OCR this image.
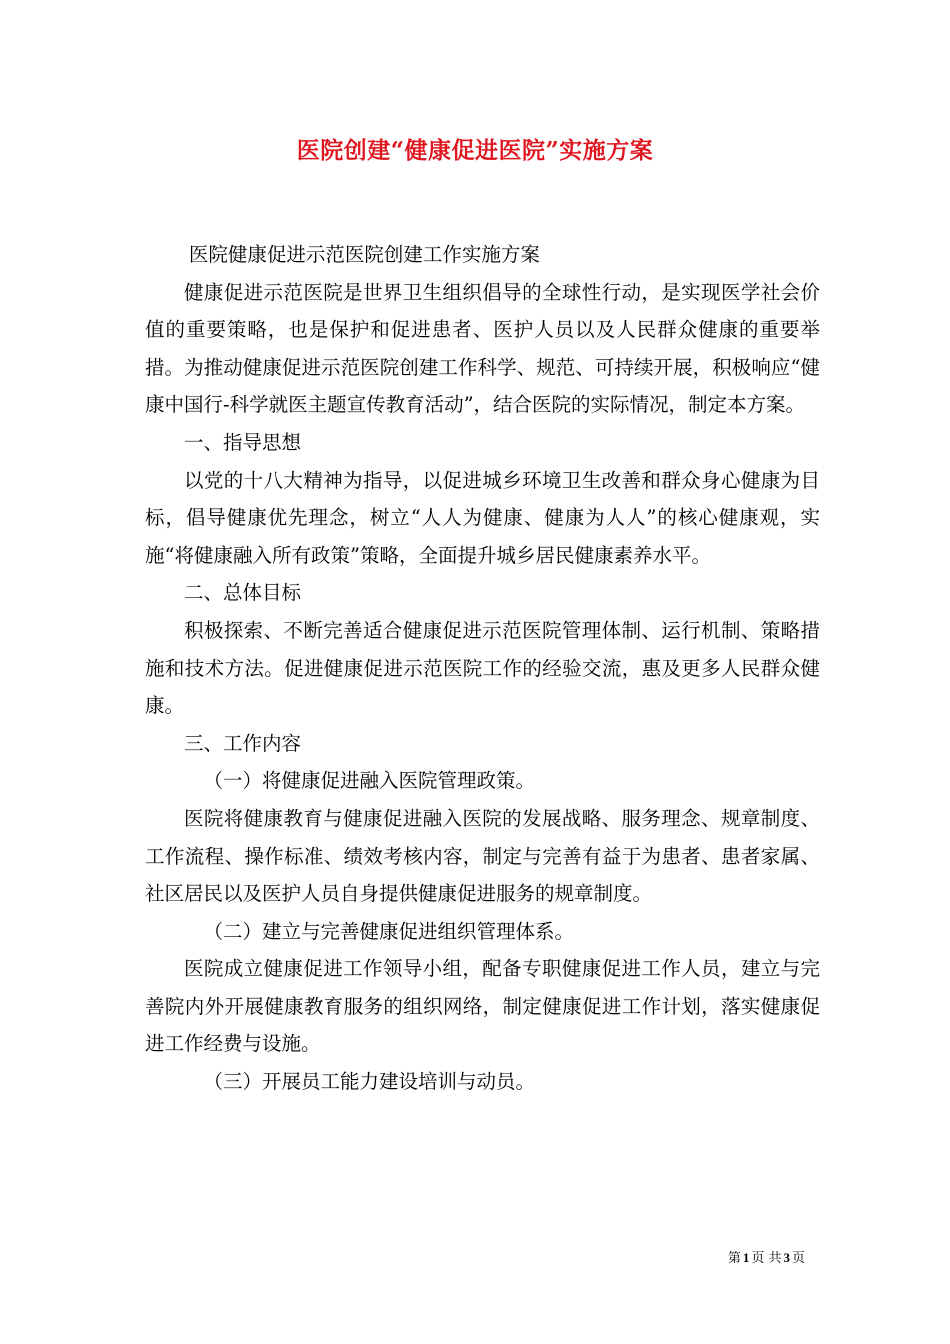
医院创建“健康促进医院”实施方案

医院健康促进示范医院创建工作实施方案

健康促进示范医院是世界卫生组织倡导的全球性行动，是实现医学社会价值的重要策略，也是保护和促进患者、医护人员以及人民群众健康的重要举措。为推动健康促进示范医院创建工作科学、规范、可持续开展，积极响应“健康中国行-科学就医主题宣传教育活动”，结合医院的实际情况，制定本方案。

一、指导思想

以党的十八大精神为指导，以促进城乡环境卫生改善和群众身心健康为目标，倡导健康优先理念，树立“人人为健康、健康为人人”的核心健康观，实施“将健康融入所有政策”策略，全面提升城乡居民健康素养水平。

二、总体目标

积极探索、不断完善适合健康促进示范医院管理体制、运行机制、策略措施和技术方法。促进健康促进示范医院工作的经验交流，惠及更多人民群众健康。

三、工作内容

（一）将健康促进融入医院管理政策。

医院将健康教育与健康促进融入医院的发展战略、服务理念、规章制度、工作流程、操作标准、绩效考核内容，制定与完善有益于为患者、患者家属、社区居民以及医护人员自身提供健康促进服务的规章制度。

（二）建立与完善健康促进组织管理体系。

医院成立健康促进工作领导小组，配备专职健康促进工作人员，建立与完善院内外开展健康教育服务的组织网络，制定健康促进工作计划，落实健康促进工作经费与设施。

（三）开展员工能力建设培训与动员。

第 1 页 共 3 页
